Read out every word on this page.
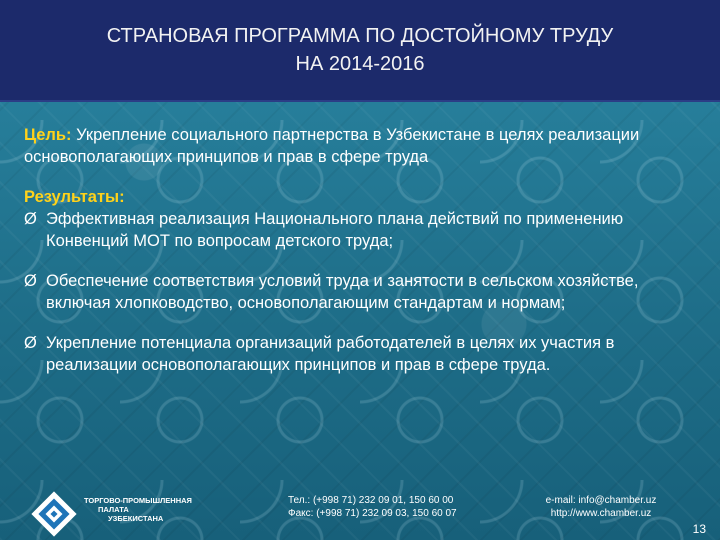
СТРАНОВАЯ ПРОГРАММА ПО ДОСТОЙНОМУ ТРУДУ
НА 2014-2016

Цель: Укрепление социального партнерства в Узбекистане в целях реализации основополагающих принципов и прав в сфере труда

Результаты:
Ø Эффективная реализация Национального плана действий по применению Конвенций МОТ по вопросам детского труда;
Ø Обеспечение соответствия условий труда и занятости в сельском хозяйстве, включая хлопководство, основополагающим стандартам и нормам;
Ø Укрепление потенциала организаций работодателей в целях их участия в реализации основополагающих принципов и прав в сфере труда.
ТОРГОВО-ПРОМЫШЛЕННАЯ
ПАЛАТА
УЗБЕКИСТАНА
Тел.: (+998 71) 232 09 01, 150 60 00
Факс: (+998 71) 232 09 03, 150 60 07
e-mail: info@chamber.uz
http://www.chamber.uz
13
